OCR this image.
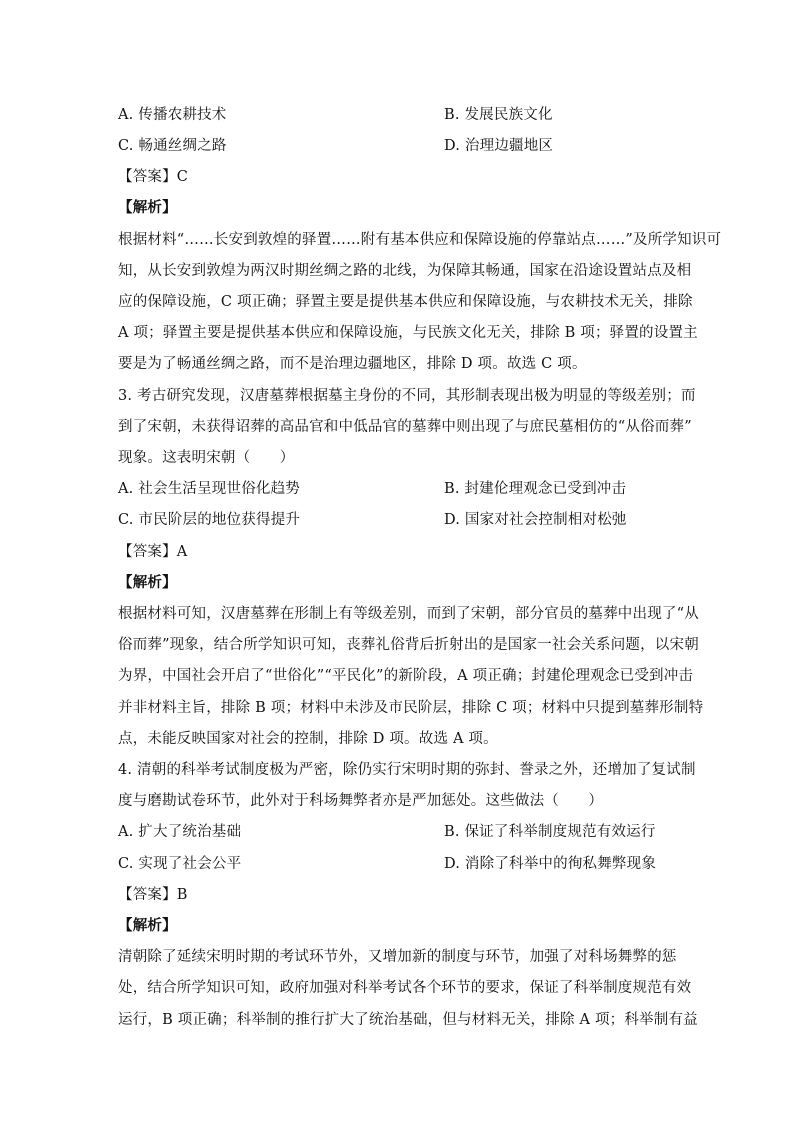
A. 传播农耕技术	B. 发展民族文化
C. 畅通丝绸之路	D. 治理边疆地区
【答案】C
【解析】
根据材料“……长安到敦煌的驿置……附有基本供应和保障设施的停靠站点……”及所学知识可
知，从长安到敦煌为两汉时期丝绸之路的北线，为保障其畅通，国家在沿途设置站点及相
应的保障设施，C 项正确；驿置主要是提供基本供应和保障设施，与农耕技术无关，排除
A 项；驿置主要是提供基本供应和保障设施，与民族文化无关，排除 B 项；驿置的设置主
要是为了畅通丝绸之路，而不是治理边疆地区，排除 D 项。故选 C 项。
3. 考古研究发现，汉唐墓葬根据墓主身份的不同，其形制表现出极为明显的等级差别；而
到了宋朝，未获得诏葬的高品官和中低品官的墓葬中则出现了与庶民墓相仿的“从俗而葬”
现象。这表明宋朝（　　）
A. 社会生活呈现世俗化趋势	B. 封建伦理观念已受到冲击
C. 市民阶层的地位获得提升	D. 国家对社会控制相对松弛
【答案】A
【解析】
根据材料可知，汉唐墓葬在形制上有等级差别，而到了宋朝，部分官员的墓葬中出现了“从
俗而葬”现象，结合所学知识可知，丧葬礼俗背后折射出的是国家一社会关系问题，以宋朝
为界，中国社会开启了“世俗化”“平民化”的新阶段，A 项正确；封建伦理观念已受到冲击
并非材料主旨，排除 B 项；材料中未涉及市民阶层，排除 C 项；材料中只提到墓葬形制特
点，未能反映国家对社会的控制，排除 D 项。故选 A 项。
4. 清朝的科举考试制度极为严密，除仍实行宋明时期的弥封、誊录之外，还增加了复试制
度与磨勘试卷环节，此外对于科场舞弊者亦是严加惩处。这些做法（　　）
A. 扩大了统治基础	B. 保证了科举制度规范有效运行
C. 实现了社会公平	D. 消除了科举中的徇私舞弊现象
【答案】B
【解析】
清朝除了延续宋明时期的考试环节外，又增加新的制度与环节，加强了对科场舞弊的惩
处，结合所学知识可知，政府加强对科举考试各个环节的要求，保证了科举制度规范有效
运行，B 项正确；科举制的推行扩大了统治基础，但与材料无关，排除 A 项；科举制有益
